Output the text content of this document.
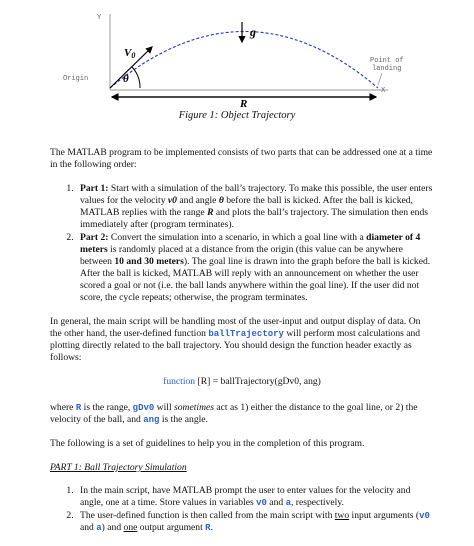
Y
X
V0
θ
g
Origin
Point of
landing
R
Figure 1: Object Trajectory

The MATLAB program to be implemented consists of two parts that can be addressed one at a time in the following order:

1. Part 1: Start with a simulation of the ball’s trajectory. To make this possible, the user enters values for the velocity v0 and angle θ before the ball is kicked. After the ball is kicked, MATLAB replies with the range R and plots the ball’s trajectory. The simulation then ends immediately after (program terminates).
2. Part 2: Convert the simulation into a scenario, in which a goal line with a diameter of 4 meters is randomly placed at a distance from the origin (this value can be anywhere between 10 and 30 meters). The goal line is drawn into the graph before the ball is kicked. After the ball is kicked, MATLAB will reply with an announcement on whether the user scored a goal or not (i.e. the ball lands anywhere within the goal line). If the user did not score, the cycle repeats; otherwise, the program terminates.

In general, the main script will be handling most of the user-input and output display of data. On the other hand, the user-defined function ballTrajectory will perform most calculations and plotting directly related to the ball trajectory. You should design the function header exactly as follows:

function [R] = ballTrajectory(gDv0, ang)

where R is the range, gDv0 will sometimes act as 1) either the distance to the goal line, or 2) the velocity of the ball, and ang is the angle.

The following is a set of guidelines to help you in the completion of this program.

PART 1: Ball Trajectory Simulation
1. In the main script, have MATLAB prompt the user to enter values for the velocity and angle, one at a time. Store values in variables v0 and a, respectively.
2. The user-defined function is then called from the main script with two input arguments (v0 and a) and one output argument R.
